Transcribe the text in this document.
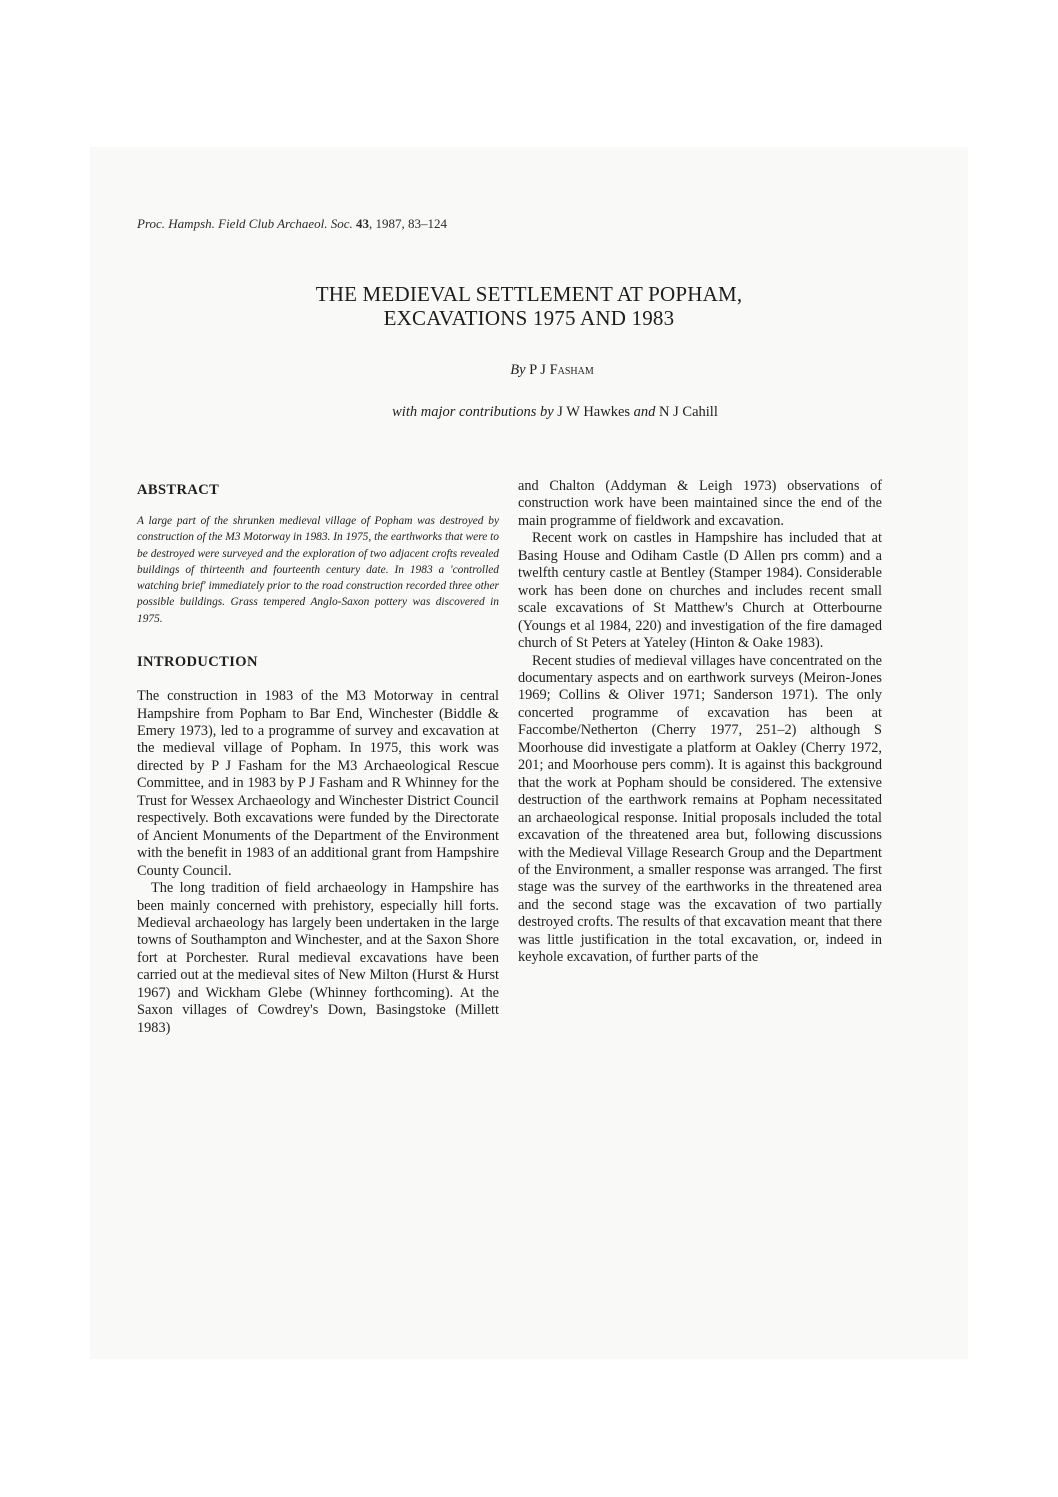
Proc. Hampsh. Field Club Archaeol. Soc. 43, 1987, 83–124
THE MEDIEVAL SETTLEMENT AT POPHAM,
EXCAVATIONS 1975 AND 1983
By P J Fasham
with major contributions by J W Hawkes and N J Cahill
ABSTRACT

A large part of the shrunken medieval village of Popham was destroyed by construction of the M3 Motorway in 1983. In 1975, the earthworks that were to be destroyed were surveyed and the exploration of two adjacent crofts revealed buildings of thirteenth and fourteenth century date. In 1983 a 'controlled watching brief' immediately prior to the road construction recorded three other possible buildings. Grass tempered Anglo-Saxon pottery was discovered in 1975.

INTRODUCTION

The construction in 1983 of the M3 Motorway in central Hampshire from Popham to Bar End, Winchester (Biddle & Emery 1973), led to a programme of survey and excavation at the medieval village of Popham. In 1975, this work was directed by P J Fasham for the M3 Archaeological Rescue Committee, and in 1983 by P J Fasham and R Whinney for the Trust for Wessex Archaeology and Winchester District Council respectively. Both excavations were funded by the Directorate of Ancient Monuments of the Department of the Environment with the benefit in 1983 of an additional grant from Hampshire County Council.

The long tradition of field archaeology in Hampshire has been mainly concerned with prehistory, especially hill forts. Medieval archaeology has largely been undertaken in the large towns of Southampton and Winchester, and at the Saxon Shore fort at Porchester. Rural medieval excavations have been carried out at the medieval sites of New Milton (Hurst & Hurst 1967) and Wickham Glebe (Whinney forthcoming). At the Saxon villages of Cowdrey's Down, Basingstoke (Millett 1983)

and Chalton (Addyman & Leigh 1973) observations of construction work have been maintained since the end of the main programme of fieldwork and excavation.

Recent work on castles in Hampshire has included that at Basing House and Odiham Castle (D Allen prs comm) and a twelfth century castle at Bentley (Stamper 1984). Considerable work has been done on churches and includes recent small scale excavations of St Matthew's Church at Otterbourne (Youngs et al 1984, 220) and investigation of the fire damaged church of St Peters at Yateley (Hinton & Oake 1983).

Recent studies of medieval villages have concentrated on the documentary aspects and on earthwork surveys (Meiron-Jones 1969; Collins & Oliver 1971; Sanderson 1971). The only concerted programme of excavation has been at Faccombe/Netherton (Cherry 1977, 251–2) although S Moorhouse did investigate a platform at Oakley (Cherry 1972, 201; and Moorhouse pers comm). It is against this background that the work at Popham should be considered. The extensive destruction of the earthwork remains at Popham necessitated an archaeological response. Initial proposals included the total excavation of the threatened area but, following discussions with the Medieval Village Research Group and the Department of the Environment, a smaller response was arranged. The first stage was the survey of the earthworks in the threatened area and the second stage was the excavation of two partially destroyed crofts. The results of that excavation meant that there was little justification in the total excavation, or, indeed in keyhole excavation, of further parts of the
